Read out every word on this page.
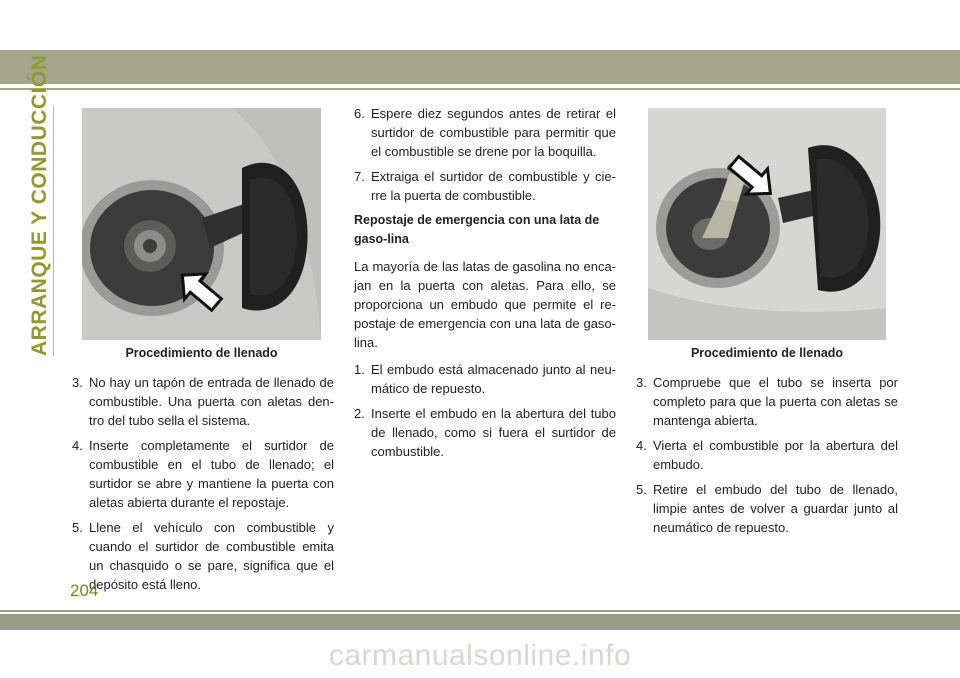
ARRANQUE Y CONDUCCIÓN	Procedimiento de llenado	Procedimiento de llenado
3. No hay un tapón de entrada de llenado de combustible. Una puerta con aletas den-tro del tubo sella el sistema.
4. Inserte completamente el surtidor de combustible en el tubo de llenado; el surtidor se abre y mantiene la puerta con aletas abierta durante el repostaje.
5. Llene el vehículo con combustible y cuando el surtidor de combustible emita un chasquido o se pare, significa que el depósito está lleno.
6. Espere diez segundos antes de retirar el surtidor de combustible para permitir que el combustible se drene por la boquilla.
7. Extraiga el surtidor de combustible y cie-rre la puerta de combustible.
Repostaje de emergencia con una lata de gaso-lina

La mayoría de las latas de gasolina no enca-jan en la puerta con aletas. Para ello, se proporciona un embudo que permite el re-postaje de emergencia con una lata de gaso-lina.

1. El embudo está almacenado junto al neu-mático de repuesto.
2. Inserte el embudo en la abertura del tubo de llenado, como si fuera el surtidor de combustible.
3. Compruebe que el tubo se inserta por completo para que la puerta con aletas se mantenga abierta.
4. Vierta el combustible por la abertura del embudo.
5. Retire el embudo del tubo de llenado, limpie antes de volver a guardar junto al neumático de repuesto.
204
carmanualsonline.info
